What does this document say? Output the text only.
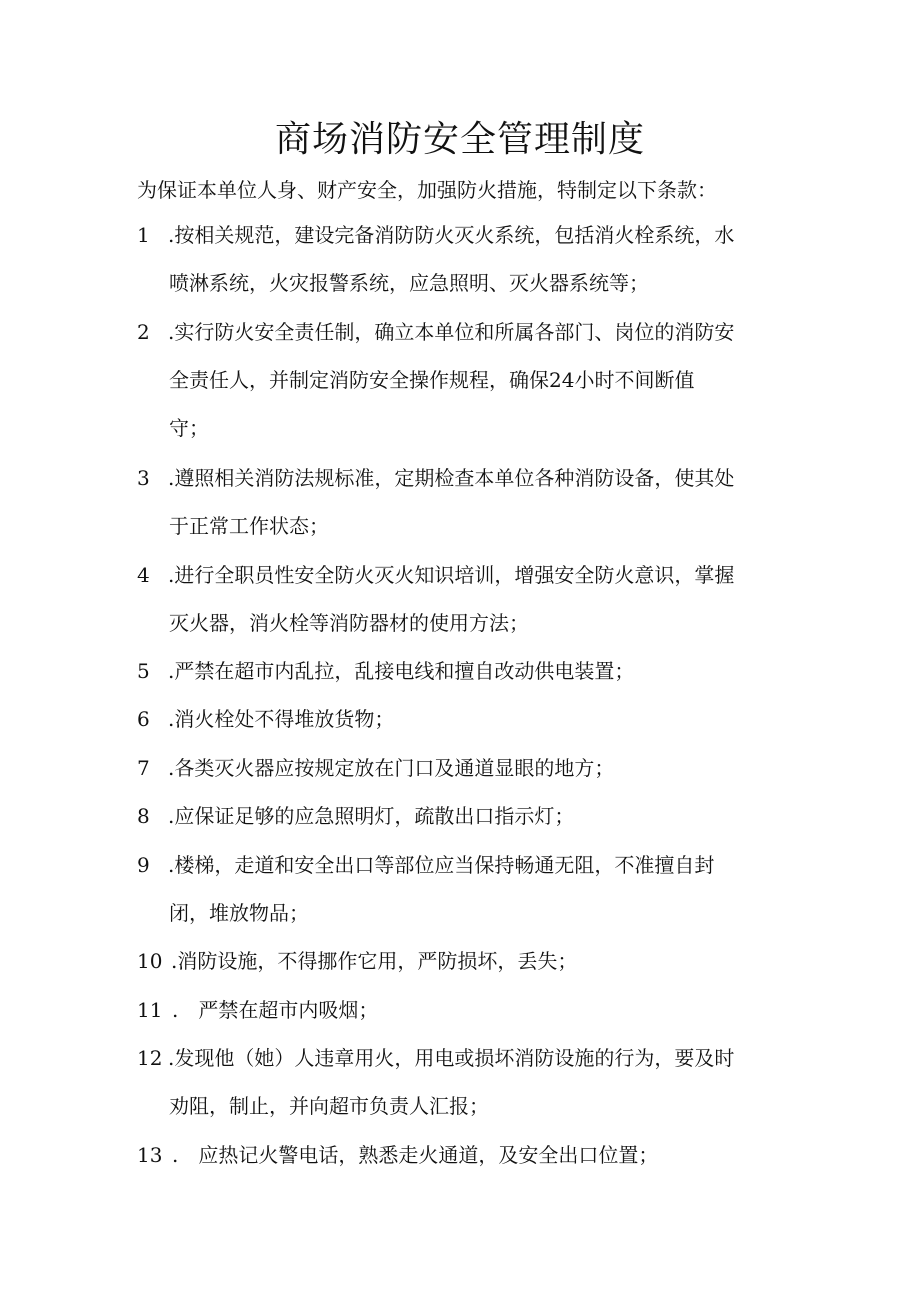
商场消防安全管理制度

为保证本单位人身、财产安全，加强防火措施，特制定以下条款：

1 .按相关规范，建设完备消防防火灭火系统，包括消火栓系统，水
喷淋系统，火灾报警系统，应急照明、灭火器系统等；
2 .实行防火安全责任制，确立本单位和所属各部门、岗位的消防安
全责任人，并制定消防安全操作规程，确保24小时不间断值
守；
3 .遵照相关消防法规标准，定期检查本单位各种消防设备，使其处
于正常工作状态；
4 .进行全职员性安全防火灭火知识培训，增强安全防火意识，掌握
灭火器，消火栓等消防器材的使用方法；
5 .严禁在超市内乱拉，乱接电线和擅自改动供电装置；
6 .消火栓处不得堆放货物；
7 .各类灭火器应按规定放在门口及通道显眼的地方；
8 .应保证足够的应急照明灯，疏散出口指示灯；
9 .楼梯，走道和安全出口等部位应当保持畅通无阻，不准擅自封
闭，堆放物品；
10 .消防设施，不得挪作它用，严防损坏，丢失；
11 . 严禁在超市内吸烟；
12 .发现他（她）人违章用火，用电或损坏消防设施的行为，要及时
劝阻，制止，并向超市负责人汇报；
13 . 应热记火警电话，熟悉走火通道，及安全出口位置；
